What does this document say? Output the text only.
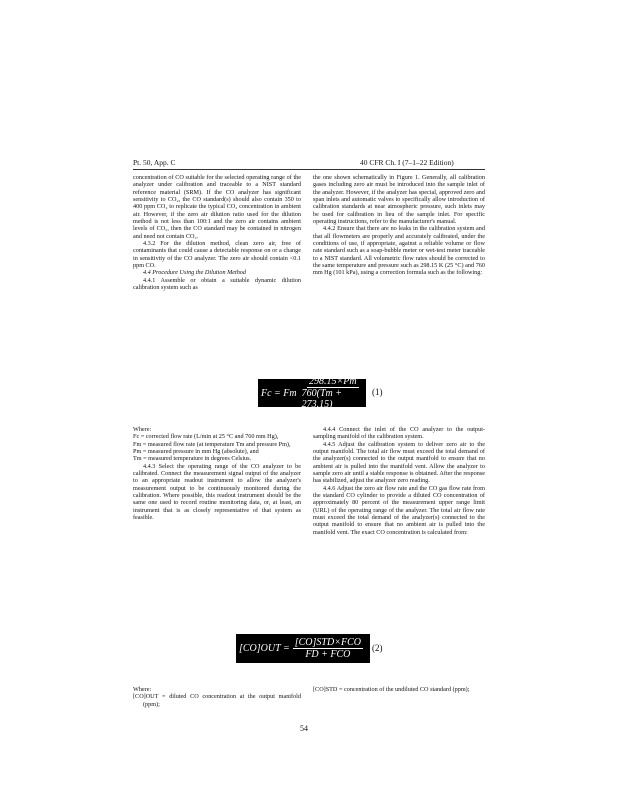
Pt. 50, App. C	40 CFR Ch. I (7–1–22 Edition)

concentration of CO suitable for the selected operating range of the analyzer under calibration and traceable to a NIST standard reference material (SRM). If the CO analyzer has significant sensitivity to CO₂, the CO standard(s) should also contain 350 to 400 ppm CO₂ to replicate the typical CO₂ concentration in ambient air. However, if the zero air dilution ratio used for the dilution method is not less than 100:1 and the zero air contains ambient levels of CO₂, then the CO standard may be contained in nitrogen and need not contain CO₂.

4.3.2 For the dilution method, clean zero air, free of contaminants that could cause a detectable response on or a change in sensitivity of the CO analyzer. The zero air should contain <0.1 ppm CO.

4.4 Procedure Using the Dilution Method

4.4.1 Assemble or obtain a suitable dynamic dilution calibration system such as

the one shown schematically in Figure 1. Generally, all calibration gases including zero air must be introduced into the sample inlet of the analyzer. However, if the analyzer has special, approved zero and span inlets and automatic valves to specifically allow introduction of calibration standards at near atmospheric pressure, such inlets may be used for calibration in lieu of the sample inlet. For specific operating instructions, refer to the manufacturer's manual.

4.4.2 Ensure that there are no leaks in the calibration system and that all flowmeters are properly and accurately calibrated, under the conditions of use, if appropriate, against a reliable volume or flow rate standard such as a soap-bubble meter or wet-test meter traceable to a NIST standard. All volumetric flow rates should be corrected to the same temperature and pressure such as 298.15 K (25 °C) and 760 mm Hg (101 kPa), using a correction formula such as the following:

Fc = Fm $\frac{298.15\times Pm}{760(Tm + 273.15)} (1)$

Where:

Fc = corrected flow rate (L/min at 25 °C and 760 mm Hg),

Fm = measured flow rate (at temperature Tm and pressure Pm),

Pm = measured pressure in mm Hg (absolute), and

Tm = measured temperature in degrees Celsius.

4.4.3 Select the operating range of the CO analyzer to be calibrated. Connect the measurement signal output of the analyzer to an appropriate readout instrument to allow the analyzer's measurement output to be continuously monitored during the calibration. Where possible, this readout instrument should be the same one used to record routine monitoring data, or, at least, an instrument that is as closely representative of that system as feasible.

4.4.4 Connect the inlet of the CO analyzer to the output-sampling manifold of the calibration system.

4.4.5 Adjust the calibration system to deliver zero air to the output manifold. The total air flow must exceed the total demand of the analyzer(s) connected to the output manifold to ensure that no ambient air is pulled into the manifold vent. Allow the analyzer to sample zero air until a stable response is obtained. After the response has stabilized, adjust the analyzer zero reading.

4.4.6 Adjust the zero air flow rate and the CO gas flow rate from the standard CO cylinder to provide a diluted CO concentration of approximately 80 percent of the measurement upper range limit (URL) of the operating range of the analyzer. The total air flow rate must exceed the total demand of the analyzer(s) connected to the output manifold to ensure that no ambient air is pulled into the manifold vent. The exact CO concentration is calculated from:

$[CO]OUT = \frac{\text{[CO]STD×FCO}}{\text{FD + FCO}} (2)$

Where:

[CO]OUT = diluted CO concentration at the output manifold (ppm);

[CO]STD = concentration of the undiluted CO standard (ppm);

54
